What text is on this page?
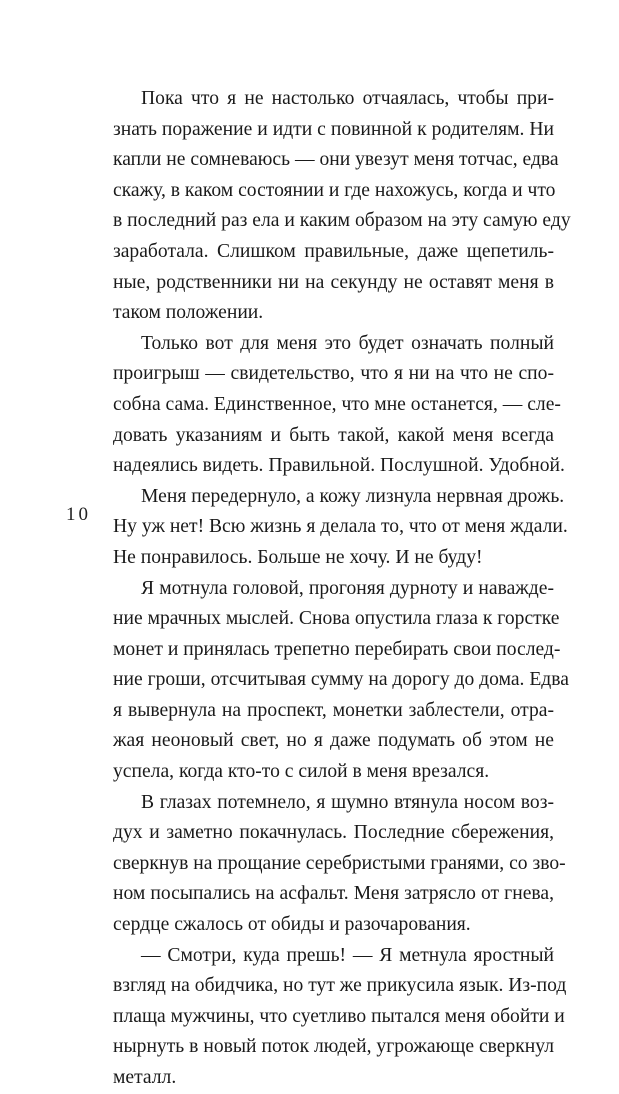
10
Пока что я не настолько отчаялась, чтобы при-
знать поражение и идти с повинной к родителям. Ни
капли не сомневаюсь — они увезут меня тотчас, едва
скажу, в каком состоянии и где нахожусь, когда и что
в последний раз ела и каким образом на эту самую еду
заработала. Слишком правильные, даже щепетиль-
ные, родственники ни на секунду не оставят меня в
таком положении.
Только вот для меня это будет означать полный
проигрыш — свидетельство, что я ни на что не спо-
собна сама. Единственное, что мне останется, — сле-
довать указаниям и быть такой, какой меня всегда
надеялись видеть. Правильной. Послушной. Удобной.
Меня передернуло, а кожу лизнула нервная дрожь.
Ну уж нет! Всю жизнь я делала то, что от меня ждали.
Не понравилось. Больше не хочу. И не буду!
Я мотнула головой, прогоняя дурноту и наважде-
ние мрачных мыслей. Снова опустила глаза к горстке
монет и принялась трепетно перебирать свои послед-
ние гроши, отсчитывая сумму на дорогу до дома. Едва
я вывернула на проспект, монетки заблестели, отра-
жая неоновый свет, но я даже подумать об этом не
успела, когда кто-то с силой в меня врезался.
В глазах потемнело, я шумно втянула носом воз-
дух и заметно покачнулась. Последние сбережения,
сверкнув на прощание серебристыми гранями, со зво-
ном посыпались на асфальт. Меня затрясло от гнева,
сердце сжалось от обиды и разочарования.
— Смотри, куда прешь! — Я метнула яростный
взгляд на обидчика, но тут же прикусила язык. Из-под
плаща мужчины, что суетливо пытался меня обойти и
нырнуть в новый поток людей, угрожающе сверкнул
металл.
